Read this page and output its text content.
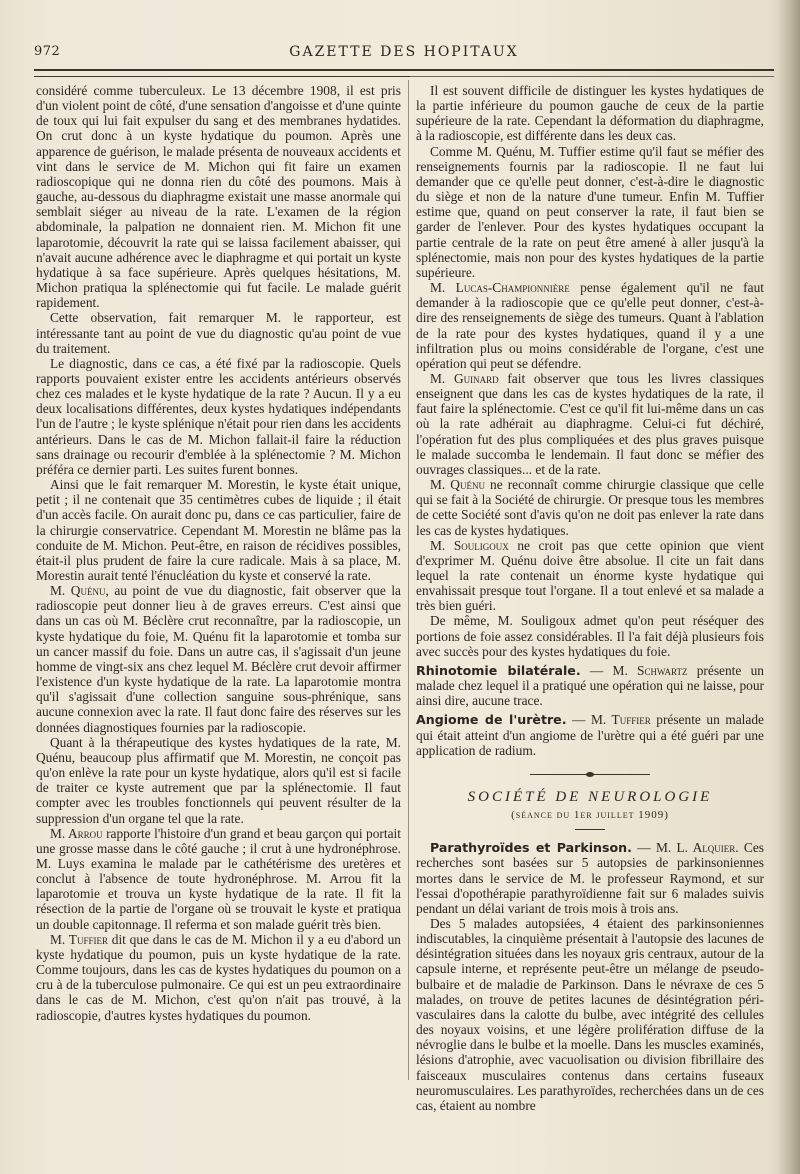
972	GAZETTE DES HOPITAUX

considéré comme tuberculeux. Le 13 décembre 1908, il est pris d'un violent point de côté, d'une sensation d'angoisse et d'une quinte de toux qui lui fait expulser du sang et des membranes hydatides. On crut donc à un kyste hydatique du poumon. Après une apparence de guérison, le malade présenta de nouveaux accidents et vint dans le service de M. Michon qui fit faire un examen radioscopique qui ne donna rien du côté des poumons. Mais à gauche, au-dessous du diaphragme existait une masse anormale qui semblait siéger au niveau de la rate. L'examen de la région abdominale, la palpation ne donnaient rien. M. Michon fit une laparotomie, découvrit la rate qui se laissa facilement abaisser, qui n'avait aucune adhérence avec le diaphragme et qui portait un kyste hydatique à sa face supérieure. Après quelques hésitations, M. Michon pratiqua la splénectomie qui fut facile. Le malade guérit rapidement.

Cette observation, fait remarquer M. le rapporteur, est intéressante tant au point de vue du diagnostic qu'au point de vue du traitement.

Le diagnostic, dans ce cas, a été fixé par la radioscopie. Quels rapports pouvaient exister entre les accidents antérieurs observés chez ces malades et le kyste hydatique de la rate ? Aucun. Il y a eu deux localisations différentes, deux kystes hydatiques indépendants l'un de l'autre ; le kyste splénique n'était pour rien dans les accidents antérieurs. Dans le cas de M. Michon fallait-il faire la réduction sans drainage ou recourir d'emblée à la splénectomie ? M. Michon préféra ce dernier parti. Les suites furent bonnes.

Ainsi que le fait remarquer M. Morestin, le kyste était unique, petit ; il ne contenait que 35 centimètres cubes de liquide ; il était d'un accès facile. On aurait donc pu, dans ce cas particulier, faire de la chirurgie conservatrice. Cependant M. Morestin ne blâme pas la conduite de M. Michon. Peut-être, en raison de récidives possibles, était-il plus prudent de faire la cure radicale. Mais à sa place, M. Morestin aurait tenté l'énucléation du kyste et conservé la rate.

M. Quénu, au point de vue du diagnostic, fait observer que la radioscopie peut donner lieu à de graves erreurs. C'est ainsi que dans un cas où M. Béclère crut reconnaître, par la radioscopie, un kyste hydatique du foie, M. Quénu fit la laparotomie et tomba sur un cancer massif du foie. Dans un autre cas, il s'agissait d'un jeune homme de vingt-six ans chez lequel M. Béclère crut devoir affirmer l'existence d'un kyste hydatique de la rate. La laparotomie montra qu'il s'agissait d'une collection sanguine sous-phrénique, sans aucune connexion avec la rate. Il faut donc faire des réserves sur les données diagnostiques fournies par la radioscopie.

Quant à la thérapeutique des kystes hydatiques de la rate, M. Quénu, beaucoup plus affirmatif que M. Morestin, ne conçoit pas qu'on enlève la rate pour un kyste hydatique, alors qu'il est si facile de traiter ce kyste autrement que par la splénectomie. Il faut compter avec les troubles fonctionnels qui peuvent résulter de la suppression d'un organe tel que la rate.

M. Arrou rapporte l'histoire d'un grand et beau garçon qui portait une grosse masse dans le côté gauche ; il crut à une hydronéphrose. M. Luys examina le malade par le cathétérisme des uretères et conclut à l'absence de toute hydronéphrose. M. Arrou fit la laparotomie et trouva un kyste hydatique de la rate. Il fit la résection de la partie de l'organe où se trouvait le kyste et pratiqua un double capitonnage. Il referma et son malade guérit très bien.

M. Tuffier dit que dans le cas de M. Michon il y a eu d'abord un kyste hydatique du poumon, puis un kyste hydatique de la rate. Comme toujours, dans les cas de kystes hydatiques du poumon on a cru à de la tuberculose pulmonaire. Ce qui est un peu extraordinaire dans le cas de M. Michon, c'est qu'on n'ait pas trouvé, à la radioscopie, d'autres kystes hydatiques du poumon.

Il est souvent difficile de distinguer les kystes hydatiques de la partie inférieure du poumon gauche de ceux de la partie supérieure de la rate. Cependant la déformation du diaphragme, à la radioscopie, est différente dans les deux cas.

Comme M. Quénu, M. Tuffier estime qu'il faut se méfier des renseignements fournis par la radioscopie. Il ne faut lui demander que ce qu'elle peut donner, c'est-à-dire le diagnostic du siège et non de la nature d'une tumeur. Enfin M. Tuffier estime que, quand on peut conserver la rate, il faut bien se garder de l'enlever. Pour des kystes hydatiques occupant la partie centrale de la rate on peut être amené à aller jusqu'à la splénectomie, mais non pour des kystes hydatiques de la partie supérieure.

M. Lucas-Championnière pense également qu'il ne faut demander à la radioscopie que ce qu'elle peut donner, c'est-à-dire des renseignements de siège des tumeurs. Quant à l'ablation de la rate pour des kystes hydatiques, quand il y a une infiltration plus ou moins considérable de l'organe, c'est une opération qui peut se défendre.

M. Guinard fait observer que tous les livres classiques enseignent que dans les cas de kystes hydatiques de la rate, il faut faire la splénectomie. C'est ce qu'il fit lui-même dans un cas où la rate adhérait au diaphragme. Celui-ci fut déchiré, l'opération fut des plus compliquées et des plus graves puisque le malade succomba le lendemain. Il faut donc se méfier des ouvrages classiques... et de la rate.

M. Quénu ne reconnaît comme chirurgie classique que celle qui se fait à la Société de chirurgie. Or presque tous les membres de cette Société sont d'avis qu'on ne doit pas enlever la rate dans les cas de kystes hydatiques.

M. Souligoux ne croit pas que cette opinion que vient d'exprimer M. Quénu doive être absolue. Il cite un fait dans lequel la rate contenait un énorme kyste hydatique qui envahissait presque tout l'organe. Il a tout enlevé et sa malade a très bien guéri.

De même, M. Souligoux admet qu'on peut réséquer des portions de foie assez considérables. Il l'a fait déjà plusieurs fois avec succès pour des kystes hydatiques du foie.

Rhinotomie bilatérale. — M. Schwartz présente un malade chez lequel il a pratiqué une opération qui ne laisse, pour ainsi dire, aucune trace.

Angiome de l'urètre. — M. Tuffier présente un malade qui était atteint d'un angiome de l'urètre qui a été guéri par une application de radium.

SOCIÉTÉ DE NEUROLOGIE

(séance du 1er juillet 1909)

Parathyroïdes et Parkinson. — M. L. Alquier. Ces recherches sont basées sur 5 autopsies de parkinsoniennes mortes dans le service de M. le professeur Raymond, et sur l'essai d'opothérapie parathyroïdienne fait sur 6 malades suivis pendant un délai variant de trois mois à trois ans.

Des 5 malades autopsiées, 4 étaient des parkinsoniennes indiscutables, la cinquième présentait à l'autopsie des lacunes de désintégration situées dans les noyaux gris centraux, autour de la capsule interne, et représente peut-être un mélange de pseudo-bulbaire et de maladie de Parkinson. Dans le névraxe de ces 5 malades, on trouve de petites lacunes de désintégration péri-vasculaires dans la calotte du bulbe, avec intégrité des cellules des noyaux voisins, et une légère prolifération diffuse de la névroglie dans le bulbe et la moelle. Dans les muscles examinés, lésions d'atrophie, avec vacuolisation ou division fibrillaire des faisceaux musculaires contenus dans certains fuseaux neuromusculaires. Les parathyroïdes, recherchées dans un de ces cas, étaient au nombre
